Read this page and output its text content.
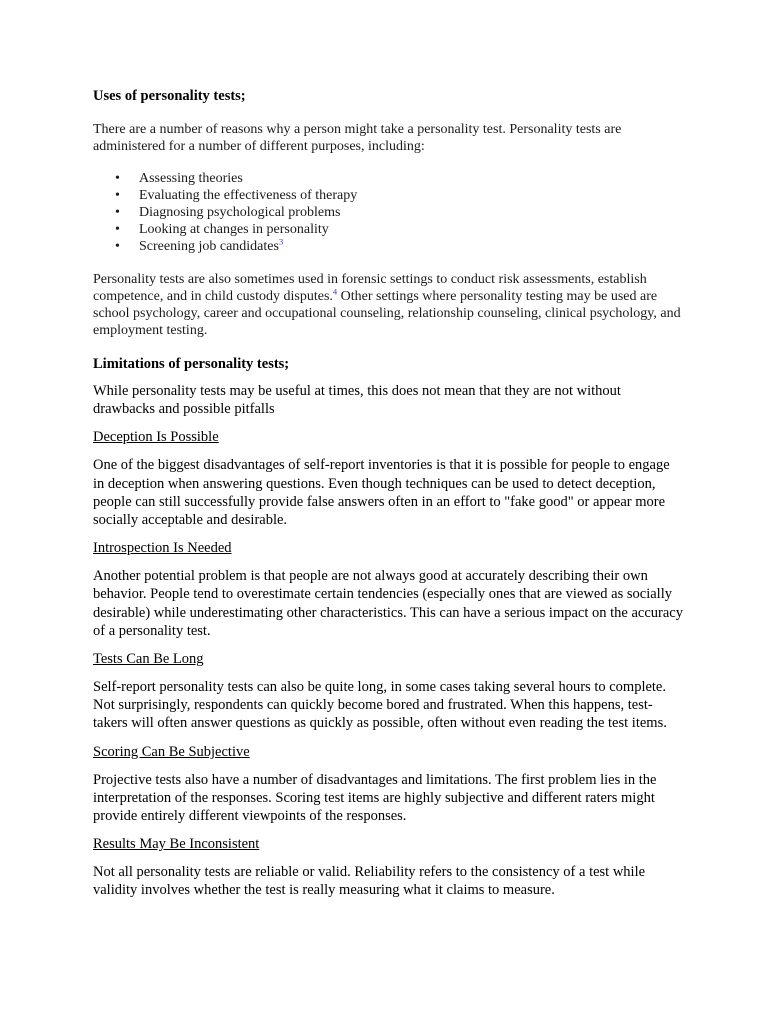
Uses of personality tests;

There are a number of reasons why a person might take a personality test. Personality tests are administered for a number of different purposes, including:

• Assessing theories
• Evaluating the effectiveness of therapy
• Diagnosing psychological problems
• Looking at changes in personality
• Screening job candidates$^3$

Personality tests are also sometimes used in forensic settings to conduct risk assessments, establish competence, and in child custody disputes.$^4$ Other settings where personality testing may be used are school psychology, career and occupational counseling, relationship counseling, clinical psychology, and employment testing.

Limitations of personality tests;

While personality tests may be useful at times, this does not mean that they are not without drawbacks and possible pitfalls

Deception Is Possible

One of the biggest disadvantages of self-report inventories is that it is possible for people to engage in deception when answering questions. Even though techniques can be used to detect deception, people can still successfully provide false answers often in an effort to "fake good" or appear more socially acceptable and desirable.

Introspection Is Needed

Another potential problem is that people are not always good at accurately describing their own behavior. People tend to overestimate certain tendencies (especially ones that are viewed as socially desirable) while underestimating other characteristics. This can have a serious impact on the accuracy of a personality test.

Tests Can Be Long

Self-report personality tests can also be quite long, in some cases taking several hours to complete. Not surprisingly, respondents can quickly become bored and frustrated. When this happens, test-takers will often answer questions as quickly as possible, often without even reading the test items.

Scoring Can Be Subjective

Projective tests also have a number of disadvantages and limitations. The first problem lies in the interpretation of the responses. Scoring test items are highly subjective and different raters might provide entirely different viewpoints of the responses.

Results May Be Inconsistent

Not all personality tests are reliable or valid. Reliability refers to the consistency of a test while validity involves whether the test is really measuring what it claims to measure.
